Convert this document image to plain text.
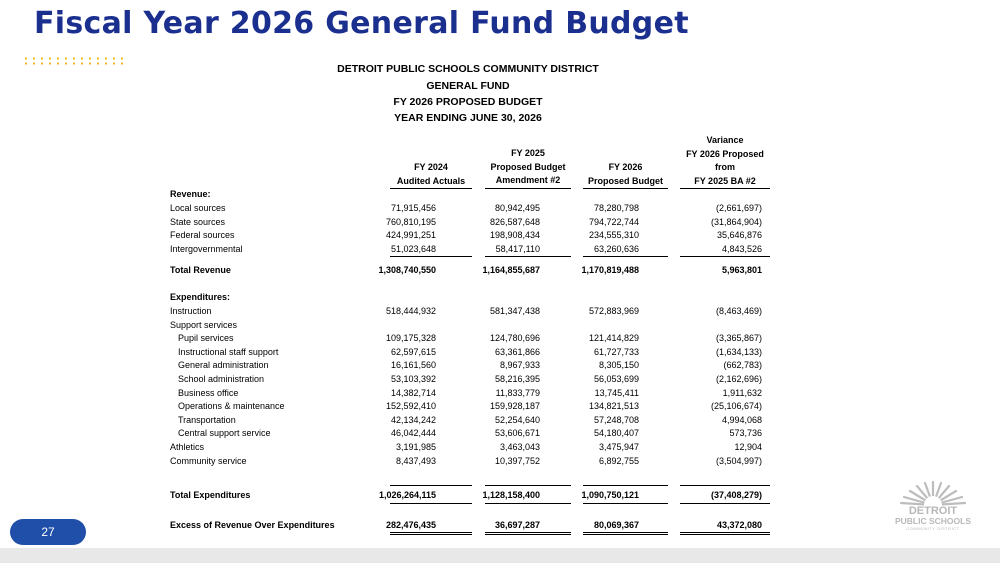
Fiscal Year 2026 General Fund Budget
DETROIT PUBLIC SCHOOLS COMMUNITY DISTRICT
GENERAL FUND
FY 2026 PROPOSED BUDGET
YEAR ENDING JUNE 30, 2026
FY 2024
Audited Actuals
FY 2025
Proposed Budget
Amendment #2
FY 2026
Proposed Budget
Variance
FY 2026 Proposed
from
FY 2025 BA #2
Revenue:
Local sources	71,915,456	80,942,495	78,280,798	(2,661,697)
State sources	760,810,195	826,587,648	794,722,744	(31,864,904)
Federal sources	424,991,251	198,908,434	234,555,310	35,646,876
Intergovernmental	51,023,648	58,417,110	63,260,636	4,843,526
Total Revenue	1,308,740,550	1,164,855,687	1,170,819,488	5,963,801
Expenditures:
Instruction	518,444,932	581,347,438	572,883,969	(8,463,469)
Support services
Pupil services	109,175,328	124,780,696	121,414,829	(3,365,867)
Instructional staff support	62,597,615	63,361,866	61,727,733	(1,634,133)
General administration	16,161,560	8,967,933	8,305,150	(662,783)
School administration	53,103,392	58,216,395	56,053,699	(2,162,696)
Business office	14,382,714	11,833,779	13,745,411	1,911,632
Operations & maintenance	152,592,410	159,928,187	134,821,513	(25,106,674)
Transportation	42,134,242	52,254,640	57,248,708	4,994,068
Central support service	46,042,444	53,606,671	54,180,407	573,736
Athletics	3,191,985	3,463,043	3,475,947	12,904
Community service	8,437,493	10,397,752	6,892,755	(3,504,997)
Total Expenditures	1,026,264,115	1,128,158,400	1,090,750,121	(37,408,279)
Excess of Revenue Over Expenditures	282,476,435	36,697,287	80,069,367	43,372,080
27
DETROIT
PUBLIC SCHOOLS
COMMUNITY DISTRICT
